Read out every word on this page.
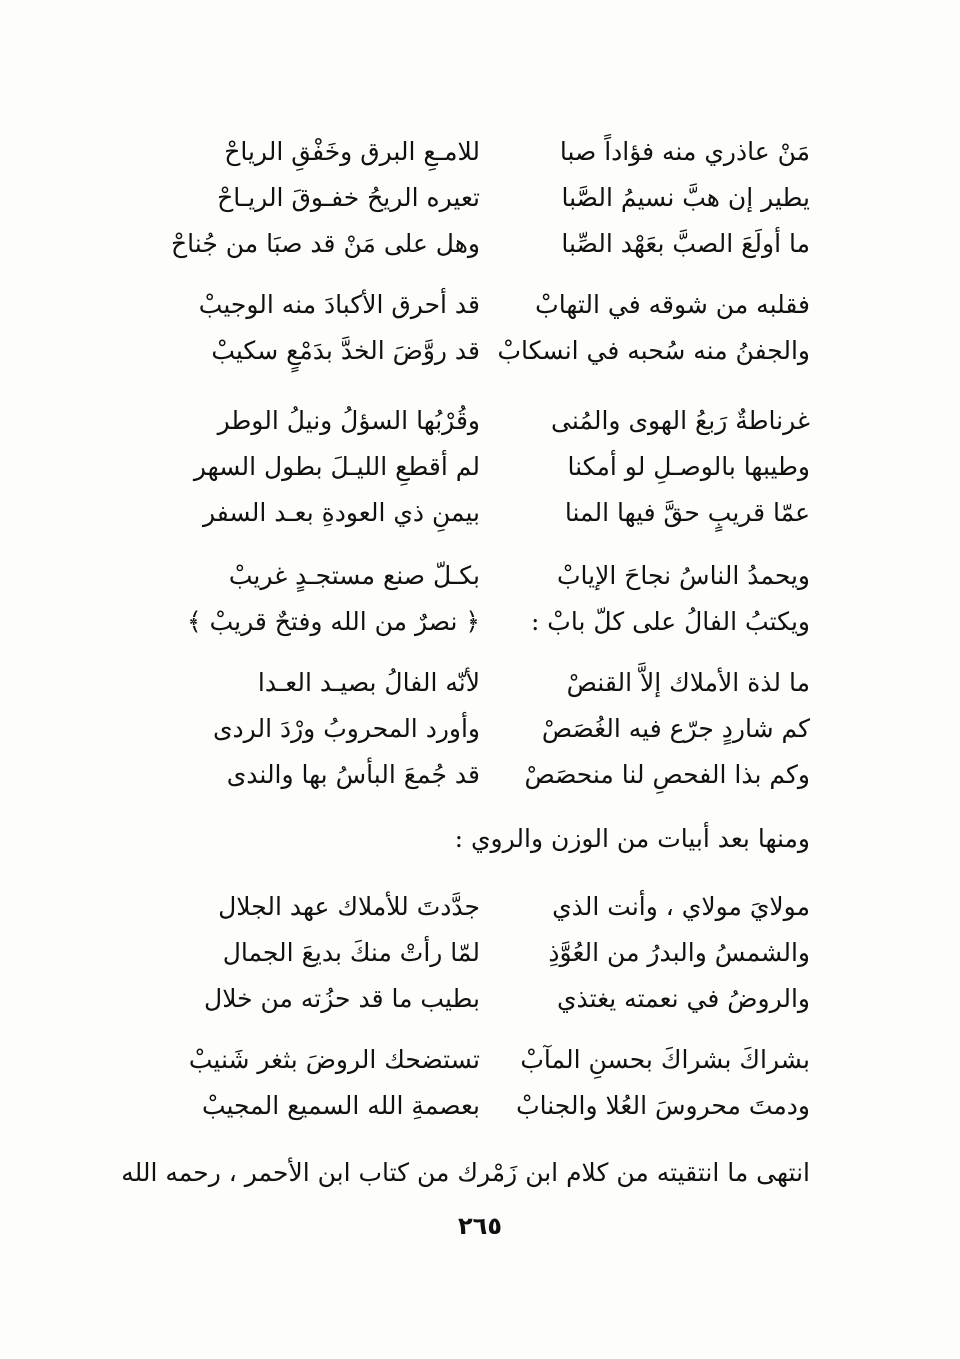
مَنْ عاذري منه فؤاداً صبا
للامـعِ البرق وخَفْقِ الرياحْ
يطير إن هبَّ نسيمُ الصَّبا
تعيره الريحُ خفـوقَ الريـاحْ
ما أولَعَ الصبَّ بعَهْد الصِّبا
وهل على مَنْ قد صبَا من جُناحْ
فقلبه من شوقه في التهابْ
قد أحرق الأكبادَ منه الوجيبْ
والجفنُ منه سُحبه في انسكابْ
قد روَّضَ الخدَّ بدَمْعٍ سكيبْ
غرناطةٌ رَبعُ الهوى والمُنى
وقُرْبُها السؤلُ ونيلُ الوطر
وطيبها بالوصـلِ لو أمكنا
لم أقطعِ الليـلَ بطول السهر
عمّا قريبٍ حقَّ فيها المنا
بيمنِ ذي العودةِ بعـد السفر
ويحمدُ الناسُ نجاحَ الإيابْ
بكـلّ صنع مستجـدٍ غريبْ
ويكتبُ الفالُ على كلّ بابْ :
﴿ نصرٌ من الله وفتحٌ قريبْ ﴾
ما لذة الأملاك إلاَّ القنصْ
لأنّه الفالُ بصيـد العـدا
كم شاردٍ جرّع فيه الغُصَصْ
وأورد المحروبُ ورْدَ الردى
وكم بذا الفحصِ لنا منحصَصْ
قد جُمعَ البأسُ بها والندى
ومنها بعد أبيات من الوزن والروي :
مولايَ مولاي ، وأنت الذي
جدَّدتَ للأملاك عهد الجلال
والشمسُ والبدرُ من العُوَّذِ
لمّا رأتْ منكَ بديعَ الجمال
والروضُ في نعمته يغتذي
بطيب ما قد حزُته من خلال
بشراكَ بشراكَ بحسنِ المآبْ
تستضحك الروضَ بثغر شَنيبْ
ودمتَ محروسَ العُلا والجنابْ
بعصمةِ الله السميع المجيبْ
انتهى ما انتقيته من كلام ابن زَمْرك من كتاب ابن الأحمر ، رحمه الله
٢٦٥
